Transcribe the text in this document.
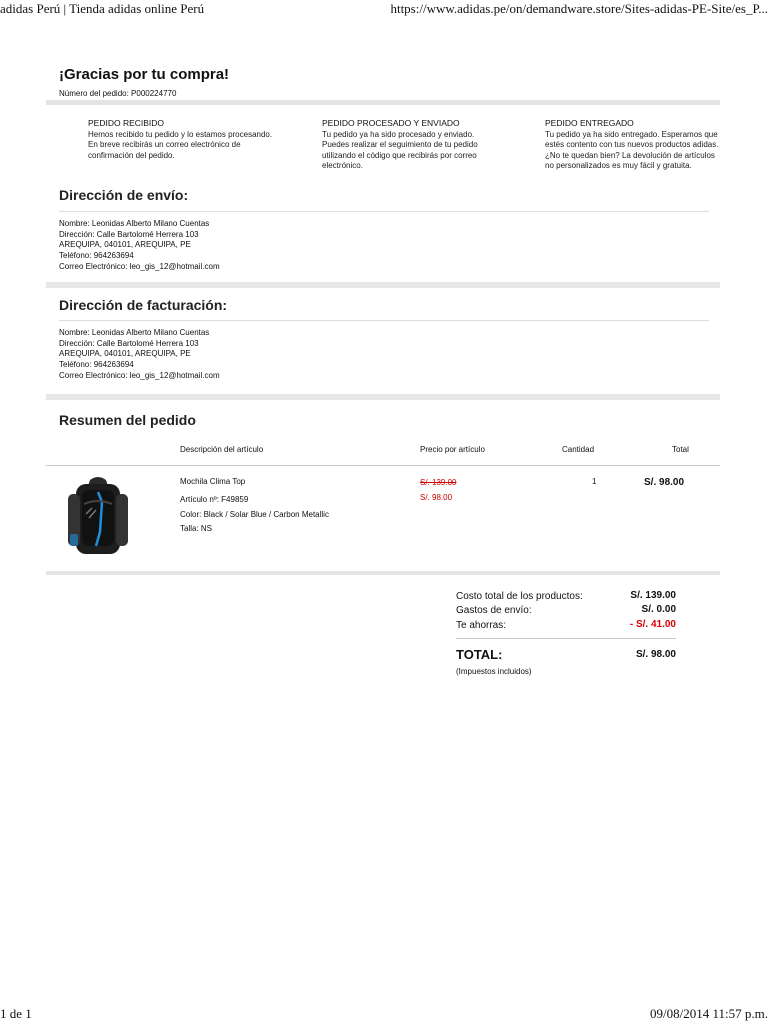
adidas Perú | Tienda adidas online Perú	https://www.adidas.pe/on/demandware.store/Sites-adidas-PE-Site/es_P...
¡Gracias por tu compra!
Número del pedido: P000224770
PEDIDO RECIBIDO
Hemos recibido tu pedido y lo estamos procesando. En breve recibirás un correo electrónico de confirmación del pedido.
PEDIDO PROCESADO Y ENVIADO
Tu pedido ya ha sido procesado y enviado. Puedes realizar el seguimiento de tu pedido utilizando el código que recibirás por correo electrónico.
PEDIDO ENTREGADO
Tu pedido ya ha sido entregado. Esperamos que estés contento con tus nuevos productos adidas. ¿No te quedan bien? La devolución de artículos no personalizados es muy fácil y gratuita.
Dirección de envío:
Nombre: Leonidas Alberto Milano Cuentas
Dirección: Calle Bartolomé Herrera 103
AREQUIPA, 040101, AREQUIPA, PE
Teléfono: 964263694
Correo Electrónico: leo_gis_12@hotmail.com
Dirección de facturación:
Nombre: Leonidas Alberto Milano Cuentas
Dirección: Calle Bartolomé Herrera 103
AREQUIPA, 040101, AREQUIPA, PE
Teléfono: 964263694
Correo Electrónico: leo_gis_12@hotmail.com
Resumen del pedido
Descripción del artículo	Precio por artículo	Cantidad	Total
Mochila Clima Top
Artículo nº: F49859
Color: Black / Solar Blue / Carbon Metallic
Talla: NS
S/. 139.00
S/. 98.00
1	S/. 98.00
Costo total de los productos:	S/. 139.00
Gastos de envío:	S/. 0.00
Te ahorras:	- S/. 41.00
TOTAL:	S/. 98.00
(Impuestos incluidos)
1 de 1	09/08/2014 11:57 p.m.
